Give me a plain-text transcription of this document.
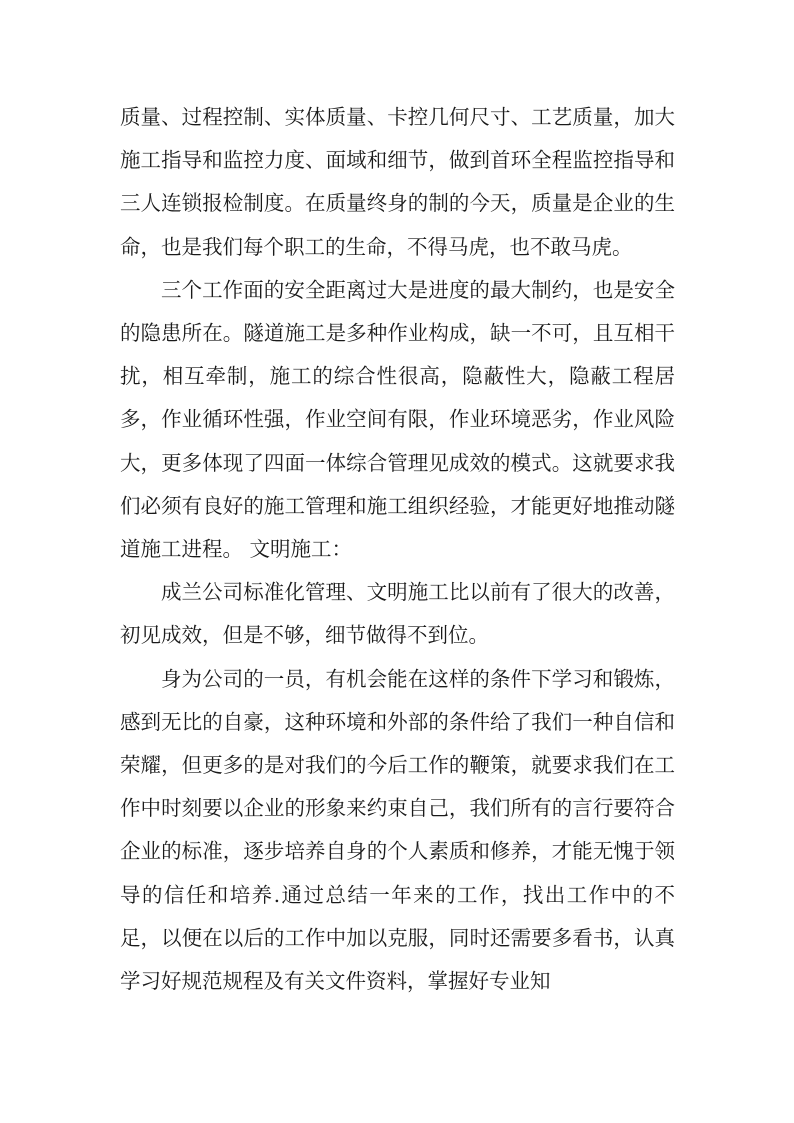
质量、过程控制、实体质量、卡控几何尺寸、工艺质量，加大施工指导和监控力度、面域和细节，做到首环全程监控指导和三人连锁报检制度。在质量终身的制的今天，质量是企业的生命，也是我们每个职工的生命，不得马虎，也不敢马虎。

三个工作面的安全距离过大是进度的最大制约，也是安全的隐患所在。隧道施工是多种作业构成，缺一不可，且互相干扰，相互牵制，施工的综合性很高，隐蔽性大，隐蔽工程居多，作业循环性强，作业空间有限，作业环境恶劣，作业风险大，更多体现了四面一体综合管理见成效的模式。这就要求我们必须有良好的施工管理和施工组织经验，才能更好地推动隧道施工进程。 文明施工：

成兰公司标准化管理、文明施工比以前有了很大的改善，初见成效，但是不够，细节做得不到位。

身为公司的一员，有机会能在这样的条件下学习和锻炼，感到无比的自豪，这种环境和外部的条件给了我们一种自信和荣耀，但更多的是对我们的今后工作的鞭策，就要求我们在工作中时刻要以企业的形象来约束自己，我们所有的言行要符合企业的标准，逐步培养自身的个人素质和修养，才能无愧于领导的信任和培养.通过总结一年来的工作，找出工作中的不足，以便在以后的工作中加以克服，同时还需要多看书，认真学习好规范规程及有关文件资料，掌握好专业知
